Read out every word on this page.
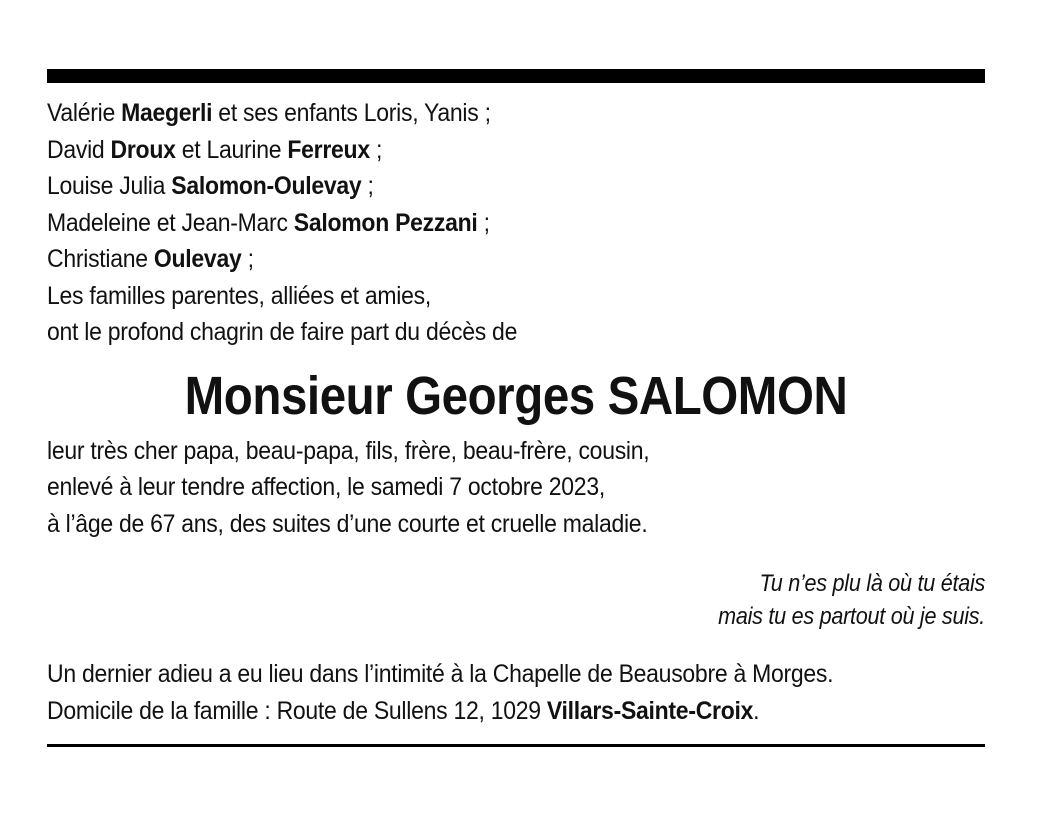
Valérie Maegerli et ses enfants Loris, Yanis ;
David Droux et Laurine Ferreux ;
Louise Julia Salomon-Oulevay ;
Madeleine et Jean-Marc Salomon Pezzani ;
Christiane Oulevay ;
Les familles parentes, alliées et amies,
ont le profond chagrin de faire part du décès de
Monsieur Georges SALOMON
leur très cher papa, beau-papa, fils, frère, beau-frère, cousin,
enlevé à leur tendre affection, le samedi 7 octobre 2023,
à l’âge de 67 ans, des suites d’une courte et cruelle maladie.
Tu n’es plu là où tu étais
mais tu es partout où je suis.
Un dernier adieu a eu lieu dans l’intimité à la Chapelle de Beausobre à Morges.
Domicile de la famille : Route de Sullens 12, 1029 Villars-Sainte-Croix.
